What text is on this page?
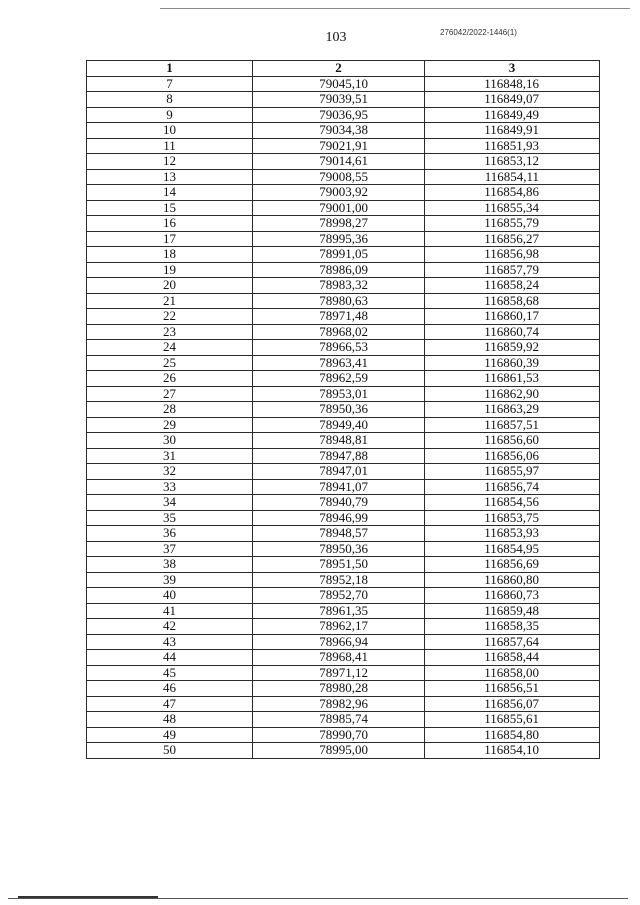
103	276042/2022-1446(1)
1	2	3
7	79045,10	116848,16
8	79039,51	116849,07
9	79036,95	116849,49
10	79034,38	116849,91
11	79021,91	116851,93
12	79014,61	116853,12
13	79008,55	116854,11
14	79003,92	116854,86
15	79001,00	116855,34
16	78998,27	116855,79
17	78995,36	116856,27
18	78991,05	116856,98
19	78986,09	116857,79
20	78983,32	116858,24
21	78980,63	116858,68
22	78971,48	116860,17
23	78968,02	116860,74
24	78966,53	116859,92
25	78963,41	116860,39
26	78962,59	116861,53
27	78953,01	116862,90
28	78950,36	116863,29
29	78949,40	116857,51
30	78948,81	116856,60
31	78947,88	116856,06
32	78947,01	116855,97
33	78941,07	116856,74
34	78940,79	116854,56
35	78946,99	116853,75
36	78948,57	116853,93
37	78950,36	116854,95
38	78951,50	116856,69
39	78952,18	116860,80
40	78952,70	116860,73
41	78961,35	116859,48
42	78962,17	116858,35
43	78966,94	116857,64
44	78968,41	116858,44
45	78971,12	116858,00
46	78980,28	116856,51
47	78982,96	116856,07
48	78985,74	116855,61
49	78990,70	116854,80
50	78995,00	116854,10
